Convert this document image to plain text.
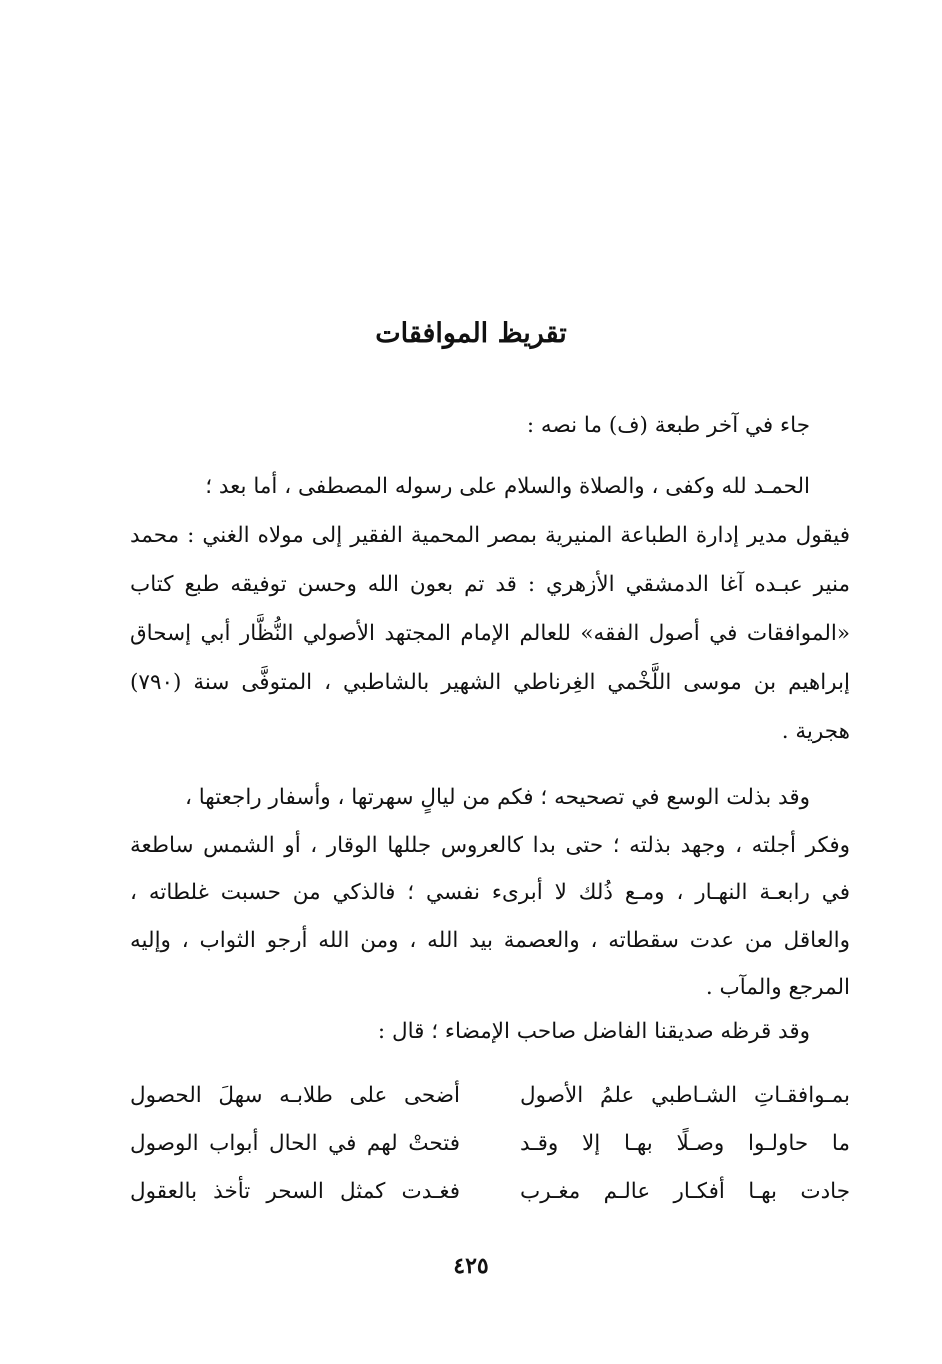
تقريظ الموافقات
جاء في آخر طبعة (ف) ما نصه :
الحمـد لله وكفى ، والصلاة والسلام على رسوله المصطفى ، أما بعد ؛
فيقول مدير إدارة الطباعة المنيرية بمصر المحمية الفقير إلى مولاه الغني : محمد
منير عبـده آغا الدمشقي الأزهري : قد تم بعون الله وحسن توفيقه طبع كتاب
«الموافقات في أصول الفقه» للعالم الإمام المجتهد الأصولي النُّظَّار أبي إسحاق
إبراهيم بن موسى اللَّخْمي الغِرناطي الشهير بالشاطبي ، المتوفَّى سنة (٧٩٠)
هجرية .
وقد بذلت الوسع في تصحيحه ؛ فكم من ليالٍ سهرتها ، وأسفار راجعتها ،
وفكر أجلته ، وجهد بذلته ؛ حتى بدا كالعروس جللها الوقار ، أو الشمس ساطعة
في رابعـة النهـار ، ومـع ذُلك لا أبرىء نفسي ؛ فالذكي من حسبت غلطاته ،
والعاقل من عدت سقطاته ، والعصمة بيد الله ، ومن الله أرجو الثواب ، وإليه
المرجع والمآب .
وقد قرظه صديقنا الفاضل صاحب الإمضاء ؛ قال :
بمـوافقـاتِ الشـاطبي علمُ الأصول
أضحى على طلابـه سهلَ الحصول
ما حاولـوا وصـلًا بهـا إلا وقـد
فتحتْ لهم في الحال أبواب الوصول
جادت بهـا أفكـار عالـم مغـرب
فغـدت كمثل السحر تأخذ بالعقول
٤٢٥
